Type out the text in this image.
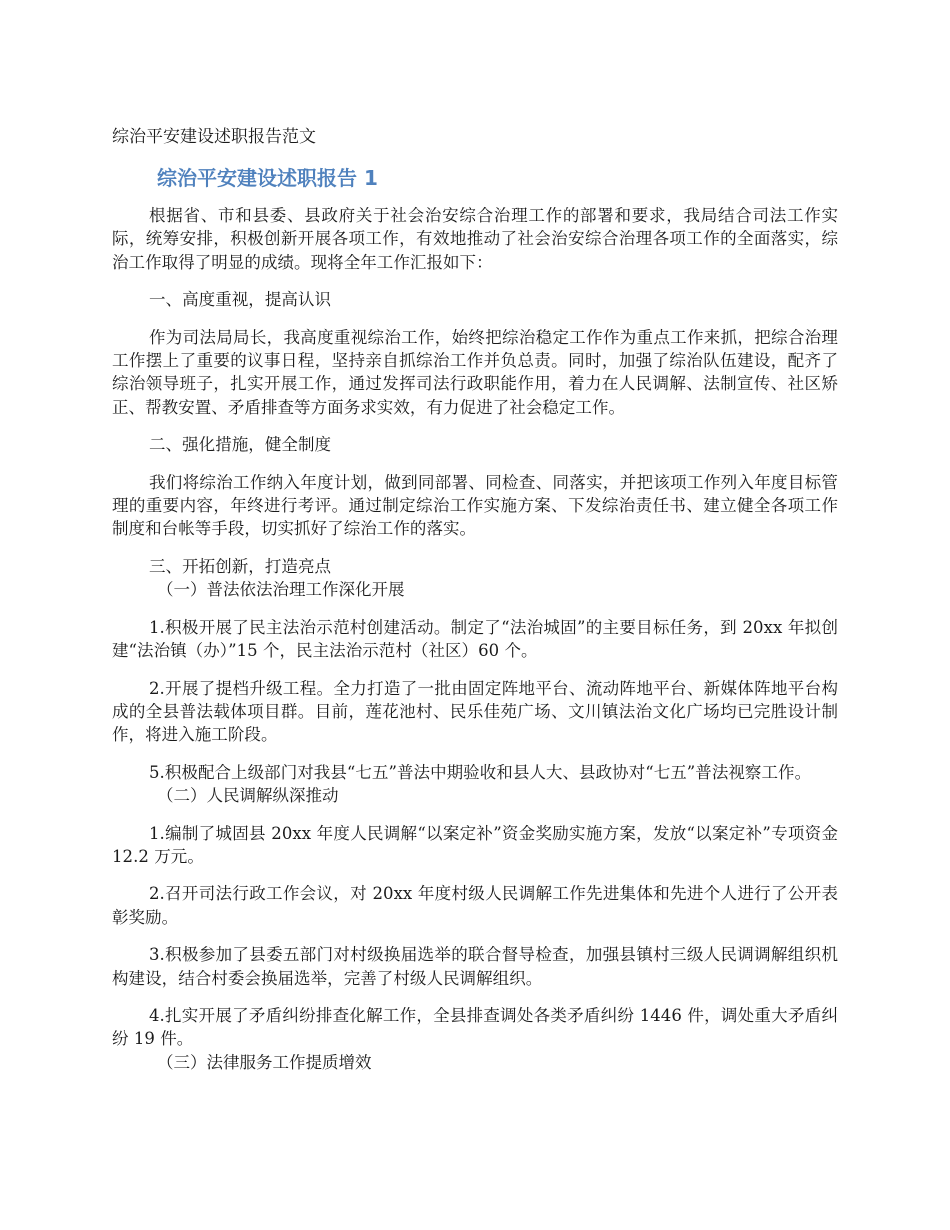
综治平安建设述职报告范文
综治平安建设述职报告 1

根据省、市和县委、县政府关于社会治安综合治理工作的部署和要求，我局结合司法工作实际，统筹安排，积极创新开展各项工作，有效地推动了社会治安综合治理各项工作的全面落实，综治工作取得了明显的成绩。现将全年工作汇报如下：

一、高度重视，提高认识

作为司法局局长，我高度重视综治工作，始终把综治稳定工作作为重点工作来抓，把综合治理工作摆上了重要的议事日程，坚持亲自抓综治工作并负总责。同时，加强了综治队伍建设，配齐了综治领导班子，扎实开展工作，通过发挥司法行政职能作用，着力在人民调解、法制宣传、社区矫正、帮教安置、矛盾排查等方面务求实效，有力促进了社会稳定工作。

二、强化措施，健全制度

我们将综治工作纳入年度计划，做到同部署、同检查、同落实，并把该项工作列入年度目标管理的重要内容，年终进行考评。通过制定综治工作实施方案、下发综治责任书、建立健全各项工作制度和台帐等手段，切实抓好了综治工作的落实。

三、开拓创新，打造亮点

（一）普法依法治理工作深化开展

1.积极开展了民主法治示范村创建活动。制定了“法治城固”的主要目标任务，到 20xx 年拟创建“法治镇（办）”15 个，民主法治示范村（社区）60 个。

2.开展了提档升级工程。全力打造了一批由固定阵地平台、流动阵地平台、新媒体阵地平台构成的全县普法载体项目群。目前，莲花池村、民乐佳苑广场、文川镇法治文化广场均已完胜设计制作，将进入施工阶段。

5.积极配合上级部门对我县“七五”普法中期验收和县人大、县政协对“七五”普法视察工作。

（二）人民调解纵深推动

1.编制了城固县 20xx 年度人民调解“以案定补”资金奖励实施方案，发放“以案定补”专项资金 12.2 万元。

2.召开司法行政工作会议，对 20xx 年度村级人民调解工作先进集体和先进个人进行了公开表彰奖励。

3.积极参加了县委五部门对村级换届选举的联合督导检查，加强县镇村三级人民调调解组织机构建设，结合村委会换届选举，完善了村级人民调解组织。

4.扎实开展了矛盾纠纷排查化解工作，全县排查调处各类矛盾纠纷 1446 件，调处重大矛盾纠纷 19 件。

（三）法律服务工作提质增效
